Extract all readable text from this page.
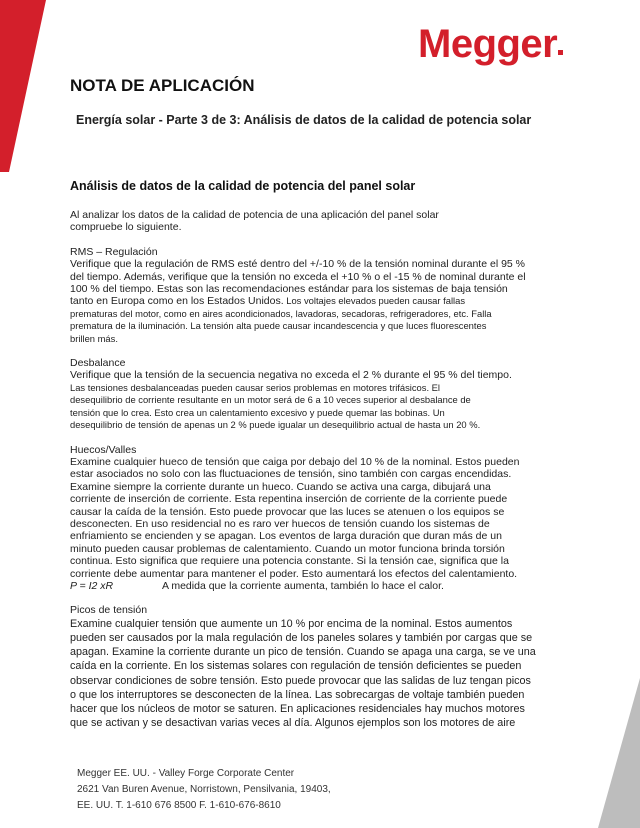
Megger
NOTA DE APLICACIÓN
Energía solar - Parte 3 de 3: Análisis de datos de la calidad de potencia solar
Análisis de datos de la calidad de potencia del panel solar

Al analizar los datos de la calidad de potencia de una aplicación del panel solar

compruebe lo siguiente.

RMS – Regulación

Verifique que la regulación de RMS esté dentro del +/-10 % de la tensión nominal durante el 95 %

del tiempo. Además, verifique que la tensión no exceda el +10 % o el -15 % de nominal durante el

100 % del tiempo. Estas son las recomendaciones estándar para los sistemas de baja tensión

tanto en Europa como en los Estados Unidos. Los voltajes elevados pueden causar fallas

prematuras del motor, como en aires acondicionados, lavadoras, secadoras, refrigeradores, etc. Falla

prematura de la iluminación. La tensión alta puede causar incandescencia y que luces fluorescentes

brillen más.

Desbalance

Verifique que la tensión de la secuencia negativa no exceda el 2 % durante el 95 % del tiempo.

Las tensiones desbalanceadas pueden causar serios problemas en motores trifásicos. El

desequilibrio de corriente resultante en un motor será de 6 a 10 veces superior al desbalance de

tensión que lo crea. Esto crea un calentamiento excesivo y puede quemar las bobinas. Un

desequilibrio de tensión de apenas un 2 % puede igualar un desequilibrio actual de hasta un 20 %.

Huecos/Valles

Examine cualquier hueco de tensión que caiga por debajo del 10 % de la nominal. Estos pueden

estar asociados no solo con las fluctuaciones de tensión, sino también con cargas encendidas.

Examine siempre la corriente durante un hueco. Cuando se activa una carga, dibujará una

corriente de inserción de corriente. Esta repentina inserción de corriente de la corriente puede

causar la caída de la tensión. Esto puede provocar que las luces se atenuen o los equipos se

desconecten. En uso residencial no es raro ver huecos de tensión cuando los sistemas de

enfriamiento se encienden y se apagan. Los eventos de larga duración que duran más de un

minuto pueden causar problemas de calentamiento. Cuando un motor funciona brinda torsión

continua. Esto significa que requiere una potencia constante. Si la tensión cae, significa que la

corriente debe aumentar para mantener el poder. Esto aumentará los efectos del calentamiento.

P = I2 xR	A medida que la corriente aumenta, también lo hace el calor.

Picos de tensión

Examine cualquier tensión que aumente un 10 % por encima de la nominal. Estos aumentos

pueden ser causados por la mala regulación de los paneles solares y también por cargas que se

apagan. Examine la corriente durante un pico de tensión. Cuando se apaga una carga, se ve una

caída en la corriente. En los sistemas solares con regulación de tensión deficientes se pueden

observar condiciones de sobre tensión. Esto puede provocar que las salidas de luz tengan picos

o que los interruptores se desconecten de la línea. Las sobrecargas de voltaje también pueden

hacer que los núcleos de motor se saturen. En aplicaciones residenciales hay muchos motores

que se activan y se desactivan varias veces al día. Algunos ejemplos son los motores de aire

Megger EE. UU. - Valley Forge Corporate Center
2621 Van Buren Avenue, Norristown, Pensilvania, 19403,
EE. UU. T. 1-610 676 8500 F. 1-610-676-8610
